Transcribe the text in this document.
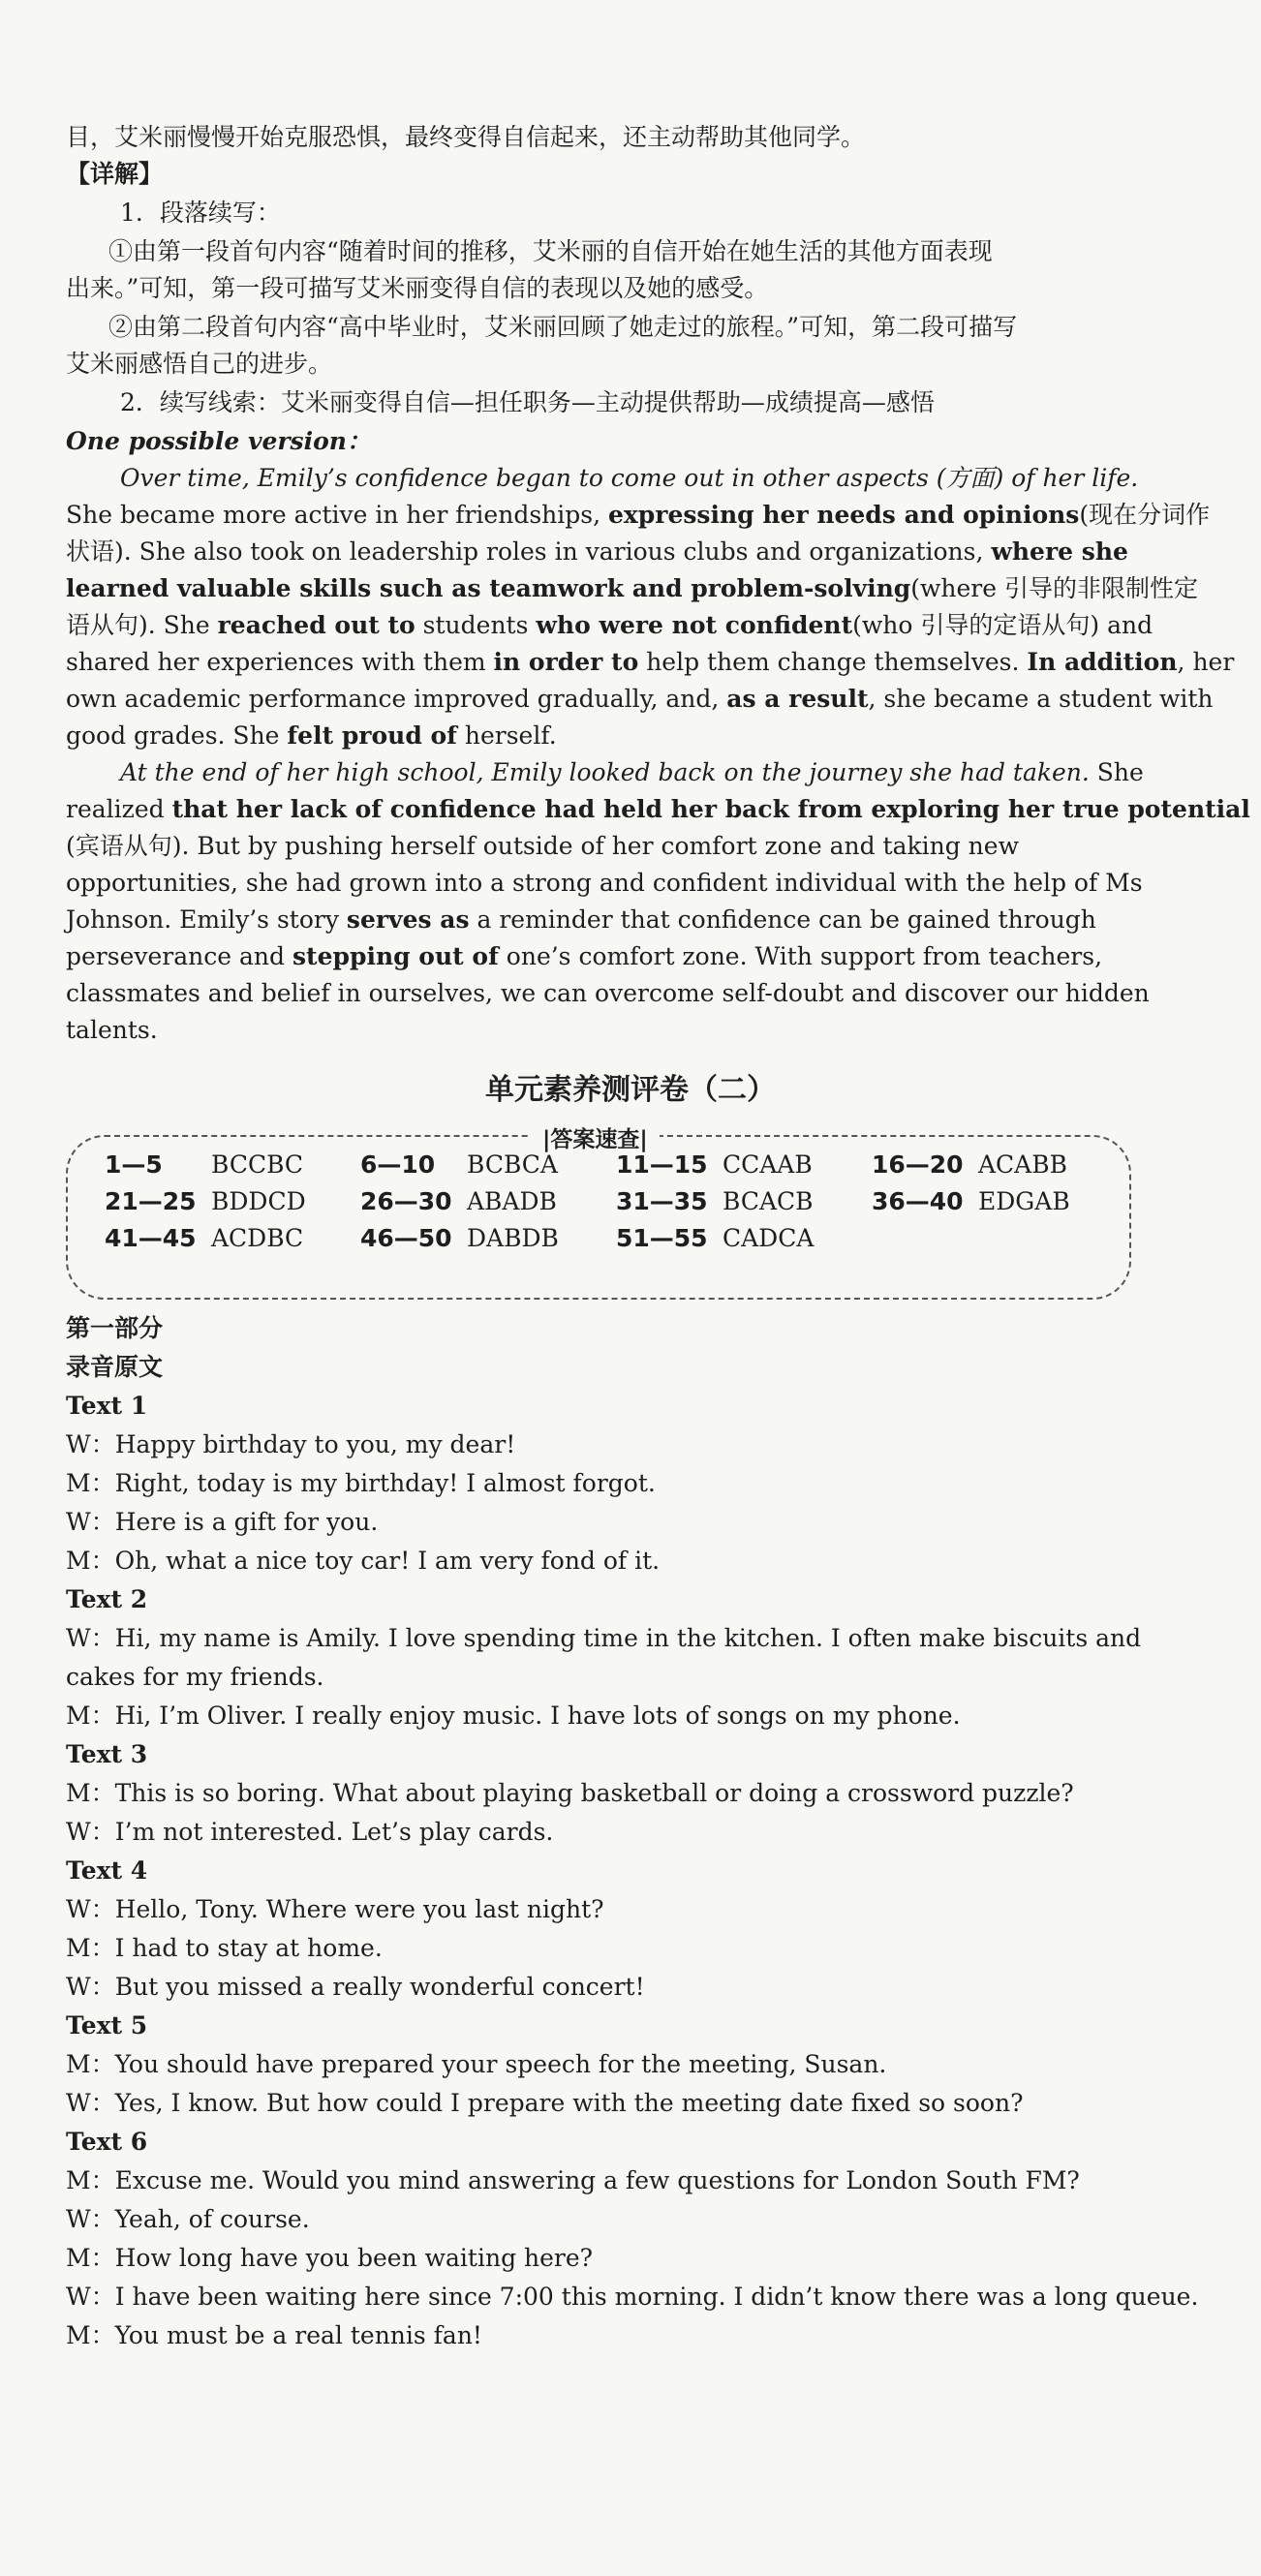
目，艾米丽慢慢开始克服恐惧，最终变得自信起来，还主动帮助其他同学。
【详解】
1．段落续写：
①由第一段首句内容“随着时间的推移，艾米丽的自信开始在她生活的其他方面表现
出来。”可知，第一段可描写艾米丽变得自信的表现以及她的感受。
②由第二段首句内容“高中毕业时，艾米丽回顾了她走过的旅程。”可知，第二段可描写
艾米丽感悟自己的进步。
2．续写线索：艾米丽变得自信—担任职务—主动提供帮助—成绩提高—感悟
One possible version：
Over time, Emily’s confidence began to come out in other aspects (方面) of her life.
She became more active in her friendships, expressing her needs and opinions(现在分词作
状语). She also took on leadership roles in various clubs and organizations, where she
learned valuable skills such as teamwork and problem-solving(where 引导的非限制性定
语从句). She reached out to students who were not confident(who 引导的定语从句) and
shared her experiences with them in order to help them change themselves. In addition, her
own academic performance improved gradually, and, as a result, she became a student with
good grades. She felt proud of herself.
At the end of her high school, Emily looked back on the journey she had taken. She
realized that her lack of confidence had held her back from exploring her true potential
(宾语从句). But by pushing herself outside of her comfort zone and taking new
opportunities, she had grown into a strong and confident individual with the help of Ms
Johnson. Emily’s story serves as a reminder that confidence can be gained through
perseverance and stepping out of one’s comfort zone. With support from teachers,
classmates and belief in ourselves, we can overcome self-doubt and discover our hidden
talents.
单元素养测评卷（二）
|答案速查|
1—5 BCCBC 6—10 BCBCA 11—15 CCAAB 16—20 ACABB
21—25 BDDCD 26—30 ABADB 31—35 BCACB 36—40 EDGAB
41—45 ACDBC 46—50 DABDB 51—55 CADCA
第一部分
录音原文
Text 1
W：Happy birthday to you, my dear!
M：Right, today is my birthday! I almost forgot.
W：Here is a gift for you.
M：Oh, what a nice toy car! I am very fond of it.
Text 2
W：Hi, my name is Amily. I love spending time in the kitchen. I often make biscuits and
cakes for my friends.
M：Hi, I’m Oliver. I really enjoy music. I have lots of songs on my phone.
Text 3
M：This is so boring. What about playing basketball or doing a crossword puzzle?
W：I’m not interested. Let’s play cards.
Text 4
W：Hello, Tony. Where were you last night?
M：I had to stay at home.
W：But you missed a really wonderful concert!
Text 5
M：You should have prepared your speech for the meeting, Susan.
W：Yes, I know. But how could I prepare with the meeting date fixed so soon?
Text 6
M：Excuse me. Would you mind answering a few questions for London South FM?
W：Yeah, of course.
M：How long have you been waiting here?
W：I have been waiting here since 7:00 this morning. I didn’t know there was a long queue.
M：You must be a real tennis fan!
